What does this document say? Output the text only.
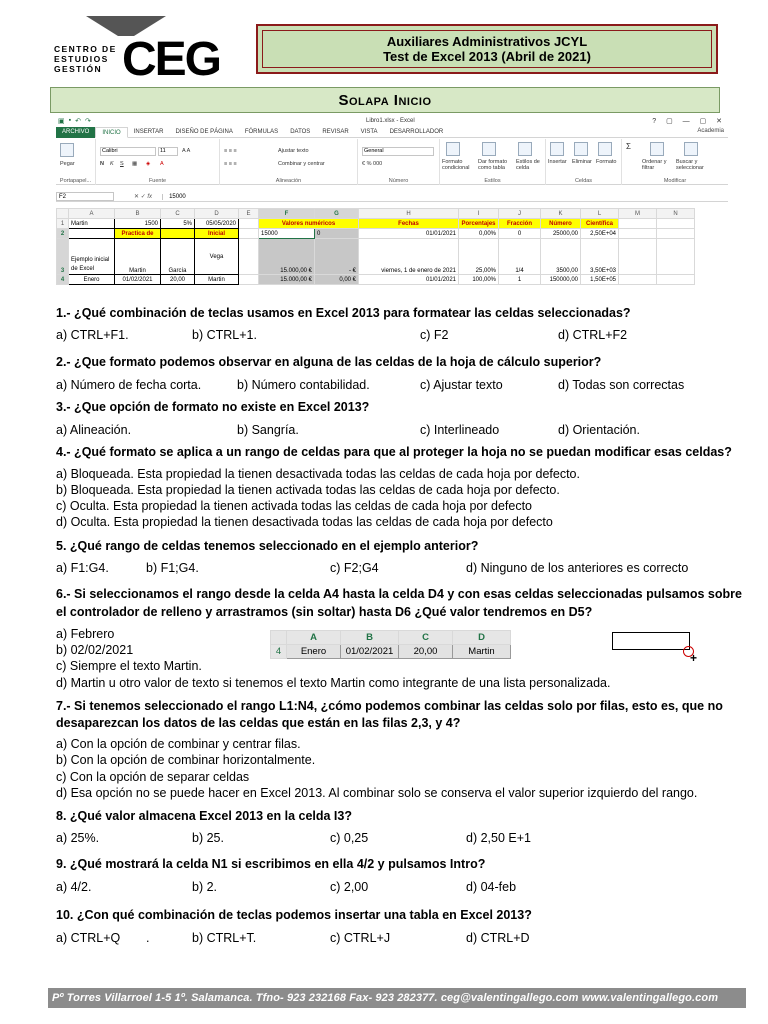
CENTRO DE
ESTUDIOS
GESTIÓN CEG	Auxiliares Administrativos JCYL
Test de Excel 2013 (Abril de 2021)
Solapa Inicio
▣ ▪ ↶ ↷	Libro1.xlsx - Excel	? ▢ — ▢ ✕
ARCHIVO	INICIO	INSERTAR	DISEÑO DE PÁGINA	FÓRMULAS	DATOS	REVISAR	VISTA	DESARROLLADOR	Academia
Pegar
Portapapel...
Calibri	11	A A
N K S ▦ ◈ A
Fuente
≡ ≡ ≡
≡ ≡ ≡
Ajustar texto
Combinar y centrar
Alineación
General
€ % 000
Número
Formato condicional
Dar formato como tabla
Estilos de celda
Estilos
Insertar Eliminar Formato
Celdas
Σ
Ordenar y filtrar
Buscar y seleccionar
Modificar
F2	✕ ✓ fx	15000
	A	B	C	D	E	F	G	H	I	J	K	L	M	N
1	Martin	1500	5%	05/05/2020		Valores numéricos		Fechas	Porcentajes	Fracción	Número	Científica		
2		Practica de		Inicial		15000	0	01/01/2021	0,00%	0	25000,00	2,50E+04		
3	Ejemplo inicial de Excel	Martin	García	Vega		15.000,00 €	- €	viernes, 1 de enero de 2021	25,00%	1/4	3500,00	3,50E+03		
4	Enero	01/02/2021	20,00	Martin		15.000,00 €	0,00 €	01/01/2021	100,00%	1	150000,00	1,50E+05		
1.- ¿Qué combinación de teclas usamos en Excel 2013 para formatear las celdas seleccionadas?
a) CTRL+F1.	b) CTRL+1.	c) F2	d) CTRL+F2
2.- ¿Que formato podemos observar en alguna de las celdas de la hoja de cálculo superior?
a) Número de fecha corta.	b) Número contabilidad.	c) Ajustar texto	d) Todas son correctas
3.- ¿Que opción de formato no existe en Excel 2013?
a) Alineación.	b) Sangría.	c) Interlineado	d) Orientación.
4.- ¿Qué formato se aplica a un rango de celdas para que al proteger la hoja no se puedan modificar esas celdas?
a) Bloqueada. Esta propiedad la tienen desactivada todas las celdas de cada hoja por defecto.
b) Bloqueada. Esta propiedad la tienen activada todas las celdas de cada hoja por defecto.
c) Oculta. Esta propiedad la tienen activada todas las celdas de cada hoja por defecto
d) Oculta. Esta propiedad la tienen desactivada todas las celdas de cada hoja por defecto
5. ¿Qué rango de celdas tenemos seleccionado en el ejemplo anterior?
a) F1:G4.	b) F1;G4.	c) F2;G4	d) Ninguno de los anteriores es correcto
6.- Si seleccionamos el rango desde la celda A4 hasta la celda D4 y con esas celdas seleccionadas pulsamos sobre
el controlador de relleno y arrastramos (sin soltar) hasta D6 ¿Qué valor tendremos en D5?
a) Febrero
b) 02/02/2021
c) Siempre el texto Martin.
d) Martin u otro valor de texto si tenemos el texto Martin como integrante de una lista personalizada.
	A	B	C	D
4	Enero	01/02/2021	20,00	Martin	+
7.- Si tenemos seleccionado el rango L1:N4, ¿cómo podemos combinar las celdas solo por filas, esto es, que no
desaparezcan los datos de las celdas que están en las filas 2,3, y 4?
a) Con la opción de combinar y centrar filas.
b) Con la opción de combinar horizontalmente.
c) Con la opción de separar celdas
d) Esa opción no se puede hacer en Excel 2013. Al combinar solo se conserva el valor superior izquierdo del rango.
8. ¿Qué valor almacena Excel 2013 en la celda I3?
a) 25%.	b) 25.	c) 0,25	d) 2,50 E+1
9. ¿Qué mostrará la celda N1 si escribimos en ella 4/2 y pulsamos Intro?
a) 4/2.	b) 2.	c) 2,00	d) 04-feb
10. ¿Con qué combinación de teclas podemos insertar una tabla en Excel 2013?
a) CTRL+Q .	b) CTRL+T.	c) CTRL+J	d) CTRL+D
Pº Torres Villarroel 1-5 1º. Salamanca. Tfno- 923 232168 Fax- 923 282377. ceg@valentingallego.com www.valentingallego.com
